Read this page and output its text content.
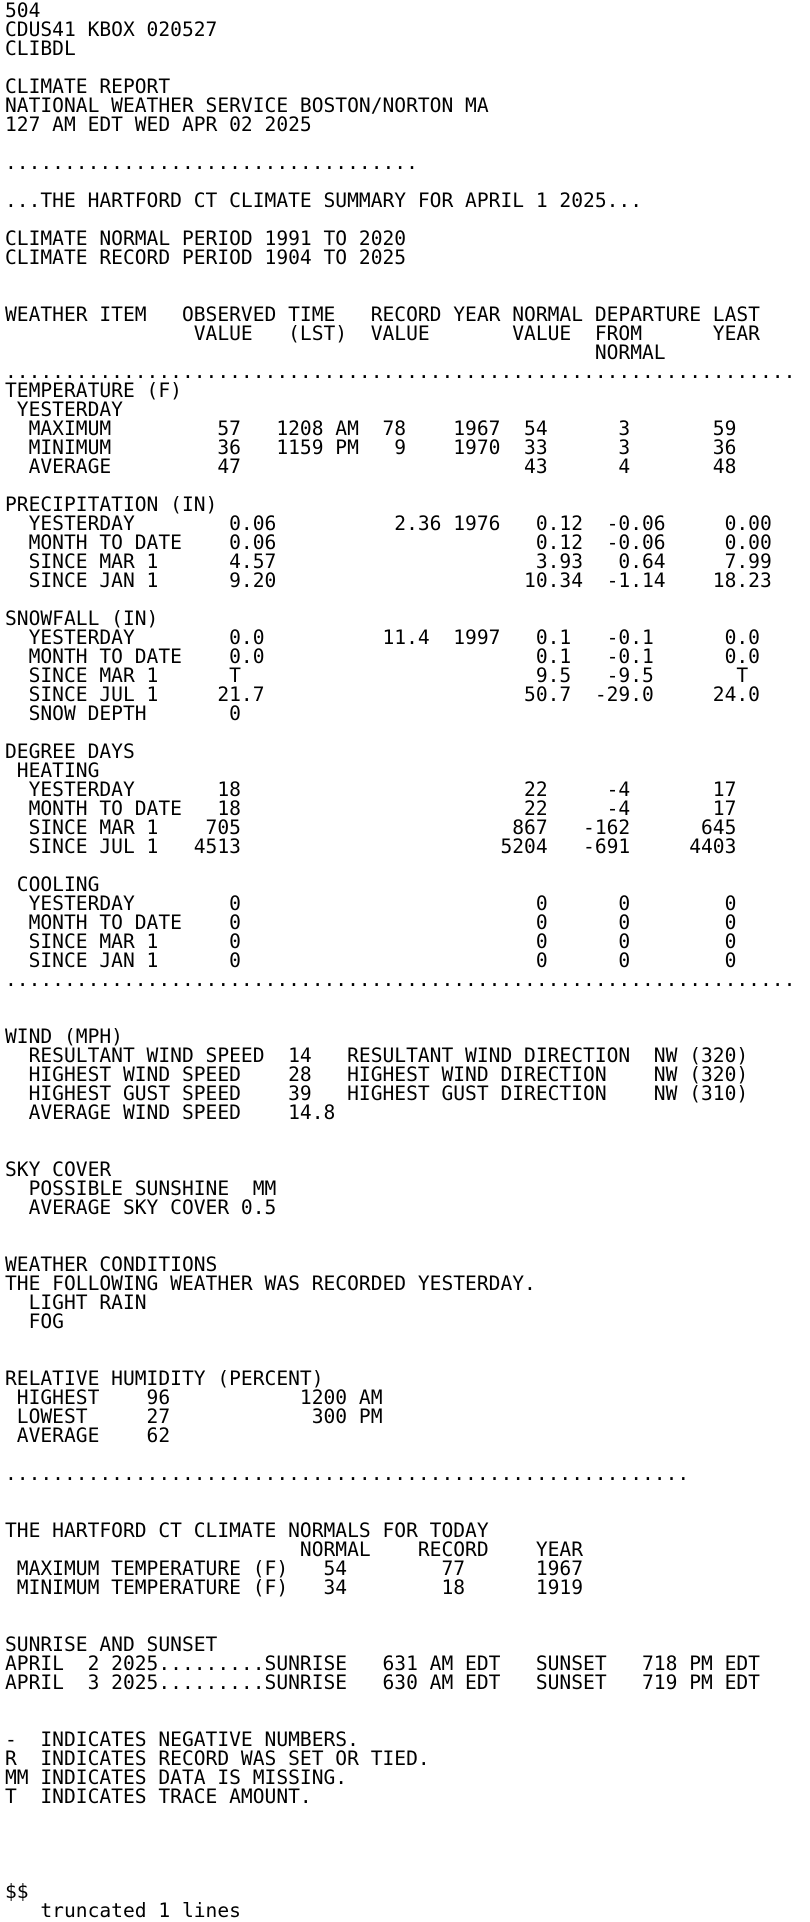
504
CDUS41 KBOX 020527
CLIBDL
CLIMATE REPORT
NATIONAL WEATHER SERVICE BOSTON/NORTON MA
127 AM EDT WED APR 02 2025
...................................
...THE HARTFORD CT CLIMATE SUMMARY FOR APRIL 1 2025...
CLIMATE NORMAL PERIOD 1991 TO 2020
CLIMATE RECORD PERIOD 1904 TO 2025
WEATHER ITEM   OBSERVED TIME   RECORD YEAR NORMAL DEPARTURE LAST
VALUE   (LST)  VALUE       VALUE  FROM      YEAR
NORMAL
...................................................................
TEMPERATURE (F)
YESTERDAY
MAXIMUM         57   1208 AM  78    1967  54      3       59
MINIMUM         36   1159 PM   9    1970  33      3       36
AVERAGE         47                        43      4       48
PRECIPITATION (IN)
YESTERDAY        0.06          2.36 1976   0.12  -0.06     0.00
MONTH TO DATE    0.06                      0.12  -0.06     0.00
SINCE MAR 1      4.57                      3.93   0.64     7.99
SINCE JAN 1      9.20                     10.34  -1.14    18.23
SNOWFALL (IN)
YESTERDAY        0.0          11.4  1997   0.1   -0.1      0.0
MONTH TO DATE    0.0                       0.1   -0.1      0.0
SINCE MAR 1      T                         9.5   -9.5       T
SINCE JUL 1     21.7                      50.7  -29.0     24.0
SNOW DEPTH       0
DEGREE DAYS
HEATING
YESTERDAY       18                        22     -4       17
MONTH TO DATE   18                        22     -4       17
SINCE MAR 1    705                       867   -162      645
SINCE JUL 1   4513                      5204   -691     4403
COOLING
YESTERDAY        0                         0      0        0
MONTH TO DATE    0                         0      0        0
SINCE MAR 1      0                         0      0        0
SINCE JAN 1      0                         0      0        0
...................................................................
WIND (MPH)
RESULTANT WIND SPEED  14   RESULTANT WIND DIRECTION  NW (320)
HIGHEST WIND SPEED    28   HIGHEST WIND DIRECTION    NW (320)
HIGHEST GUST SPEED    39   HIGHEST GUST DIRECTION    NW (310)
AVERAGE WIND SPEED    14.8
SKY COVER
POSSIBLE SUNSHINE  MM
AVERAGE SKY COVER 0.5
WEATHER CONDITIONS
THE FOLLOWING WEATHER WAS RECORDED YESTERDAY.
LIGHT RAIN
FOG
RELATIVE HUMIDITY (PERCENT)
HIGHEST    96           1200 AM
LOWEST     27            300 PM
AVERAGE    62
..........................................................
THE HARTFORD CT CLIMATE NORMALS FOR TODAY
NORMAL    RECORD    YEAR
MAXIMUM TEMPERATURE (F)   54        77      1967
MINIMUM TEMPERATURE (F)   34        18      1919
SUNRISE AND SUNSET
APRIL  2 2025.........SUNRISE   631 AM EDT   SUNSET   718 PM EDT
APRIL  3 2025.........SUNRISE   630 AM EDT   SUNSET   719 PM EDT
-  INDICATES NEGATIVE NUMBERS.
R  INDICATES RECORD WAS SET OR TIED.
MM INDICATES DATA IS MISSING.
T  INDICATES TRACE AMOUNT.
$$
truncated 1 lines
